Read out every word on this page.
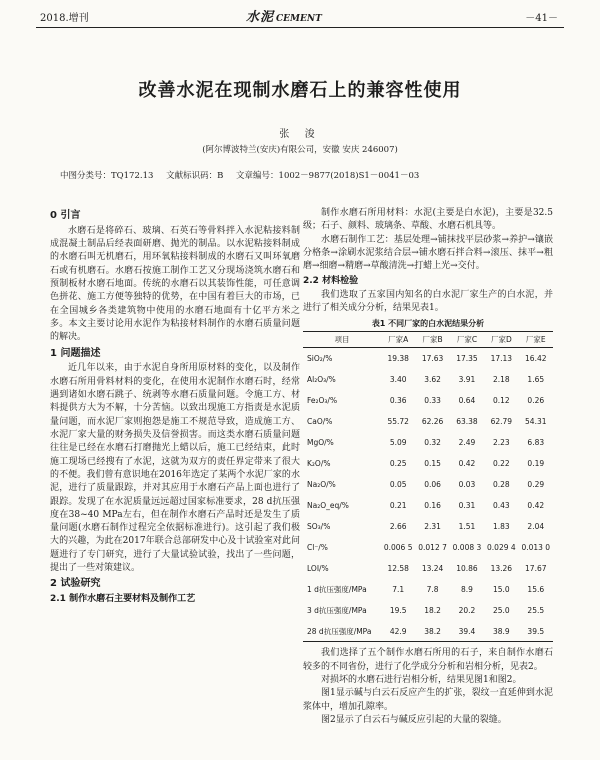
2018.增刊	水泥 CEMENT	－41－
改善水泥在现制水磨石上的兼容性使用
张 浚
(阿尔博波特兰(安庆)有限公司，安徽 安庆 246007)
中图分类号：TQ172.13 文献标识码：B 文章编号：1002－9877(2018)S1－0041－03
0 引言

水磨石是将碎石、玻璃、石英石等骨料拌入水泥粘接料制成混凝土制品后经表面研磨、抛光的制品。以水泥粘接料制成的水磨石叫无机磨石，用环氧粘接料制成的水磨石又叫环氧磨石或有机磨石。水磨石按施工制作工艺又分现场浇筑水磨石和预制板材水磨石地面。传统的水磨石以其装饰性能，可任意调色拼花、施工方便等独特的优势，在中国有着巨大的市场，已在全国城乡各类建筑物中使用的水磨石地面有十亿平方米之多。本文主要讨论用水泥作为粘接材料制作的水磨石质量问题的解决。

1 问题描述

近几年以来，由于水泥自身所用原材料的变化，以及制作水磨石所用骨料材料的变化，在使用水泥制作水磨石时，经常遇到诸如水磨石跳子、统剥等水磨石质量问题。令施工方、材料提供方大为不解，十分苦恼。以致出现施工方指责是水泥质量问题，而水泥厂家则抱怨是施工不规范导致，造成施工方、水泥厂家大量的财务损失及信誉损害。而这类水磨石质量问题往往是已经在水磨石打磨抛光上蜡以后，施工已经结束，此时施工现场已经搜有了水泥，这就为双方的责任界定带来了很大的不便。我们曾有意识地在2016年选定了某两个水泥厂家的水泥，进行了质量跟踪，并对其应用于水磨石产品上面也进行了跟踪。发现了在水泥质量远远超过国家标准要求，28 d抗压强度在38~40 MPa左右，但在制作水磨石产品时还是发生了质量问题(水磨石制作过程完全依据标准进行)。这引起了我们极大的兴趣，为此在2017年联合总部研发中心及十试验室对此问题进行了专门研究，进行了大量试验试验，找出了一些问题，提出了一些对策建议。

2 试验研究
2.1 制作水磨石主要材料及制作工艺

制作水磨石所用材料：水泥(主要是白水泥)，主要是32.5级；石子、颜料、玻璃条、草酸、水磨石机具等。

水磨石制作工艺：基层处理→铺抹找平层砂浆→养护→镶嵌分格条→涂刷水泥浆结合层→铺水磨石拌合料→滚压、抹平→粗磨→细磨→精磨→草酸清洗→打蜡上光→交付。

2.2 材料检验

我们选取了五家国内知名的白水泥厂家生产的白水泥，并进行了相关成分分析，结果见表1。

表1 不同厂家的白水泥结果分析
项目	厂家A	厂家B	厂家C	厂家D	厂家E
SiO₂/%	19.38	17.63	17.35	17.13	16.42
Al₂O₃/%	3.40	3.62	3.91	2.18	1.65
Fe₂O₃/%	0.36	0.33	0.64	0.12	0.26
CaO/%	55.72	62.26	63.38	62.79	54.31
MgO/%	5.09	0.32	2.49	2.23	6.83
K₂O/%	0.25	0.15	0.42	0.22	0.19
Na₂O/%	0.05	0.06	0.03	0.28	0.29
Na₂O_eq/%	0.21	0.16	0.31	0.43	0.42
SO₃/%	2.66	2.31	1.51	1.83	2.04
Cl⁻/%	0.006 5	0.012 7	0.008 3	0.029 4	0.013 0
LOI/%	12.58	13.24	10.86	13.26	17.67
1 d抗压强度/MPa	7.1	7.8	8.9	15.0	15.6
3 d抗压强度/MPa	19.5	18.2	20.2	25.0	25.5
28 d抗压强度/MPa	42.9	38.2	39.4	38.9	39.5

我们选择了五个制作水磨石所用的石子，来自制作水磨石较多的不同省份，进行了化学成分分析和岩相分析，见表2。

对损坏的水磨石进行岩相分析，结果见图1和图2。

图1显示碱与白云石反应产生的扩张，裂纹一直延伸到水泥浆体中，增加孔隙率。

图2显示了白云石与碱反应引起的大量的裂缝。
